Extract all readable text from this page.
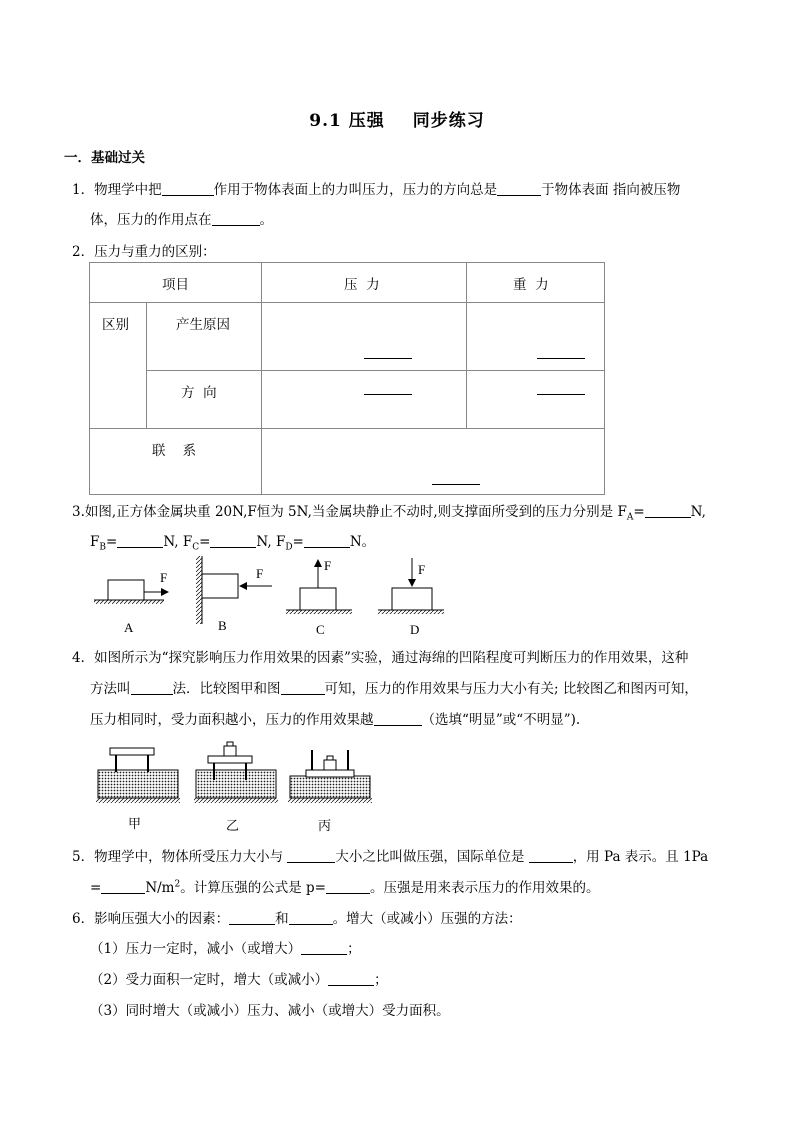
9.1 压强 同步练习
一．基础过关
1．物理学中把	作用于物体表面上的力叫压力，压力的方向总是	于物体表面 指向被压物
体，压力的作用点在	。
2．压力与重力的区别：
项目		压  力	重  力

区别	产生原因		

	方  向		

联    系			

3.如图,正方体金属块重 20N,F恒为 5N,当金属块静止不动时,则支撑面所受到的压力分别是 $F_A=$	N,
$F_B=$	N, $F_C=$	N, $F_D=$	N。
F
A
F
B
F
C
F
D
4．如图所示为“探究影响压力作用效果的因素”实验，通过海绵的凹陷程度可判断压力的作用效果，这种
方法叫	法．比较图甲和图	可知，压力的作用效果与压力大小有关; 比较图乙和图丙可知，
压力相同时，受力面积越小，压力的作用效果越	（选填“明显”或“不明显”).
甲	乙	丙
5．物理学中，物体所受压力大小与	大小之比叫做压强，国际单位是	，用 Pa 表示。且 1Pa
=	$N/m^2$。计算压强的公式是 p=	。压强是用来表示压力的作用效果的。
6．影响压强大小的因素：	和	。增大（或减小）压强的方法：
（1）压力一定时，减小（或增大）	；
（2）受力面积一定时，增大（或减小）	；
（3）同时增大（或减小）压力、减小（或增大）受力面积。
